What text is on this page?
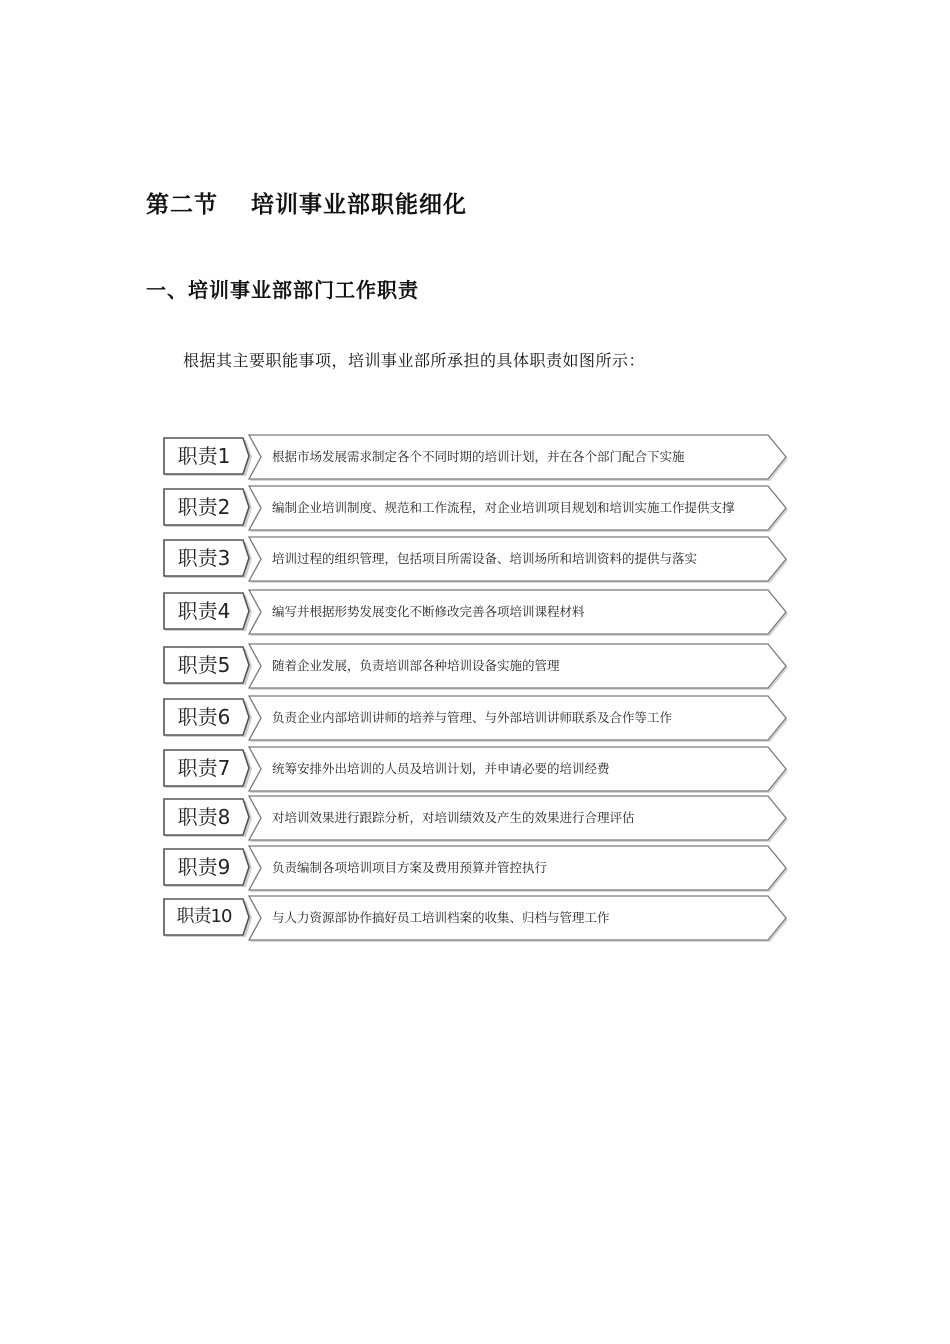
第二节　 培训事业部职能细化
一、培训事业部部门工作职责
根据其主要职能事项，培训事业部所承担的具体职责如图所示：
职责1	根据市场发展需求制定各个不同时期的培训计划，并在各个部门配合下实施
职责2	编制企业培训制度、规范和工作流程，对企业培训项目规划和培训实施工作提供支撑
职责3	培训过程的组织管理，包括项目所需设备、培训场所和培训资料的提供与落实
职责4	编写并根据形势发展变化不断修改完善各项培训课程材料
职责5	随着企业发展，负责培训部各种培训设备实施的管理
职责6	负责企业内部培训讲师的培养与管理、与外部培训讲师联系及合作等工作
职责7	统筹安排外出培训的人员及培训计划，并申请必要的培训经费
职责8	对培训效果进行跟踪分析，对培训绩效及产生的效果进行合理评估
职责9	负责编制各项培训项目方案及费用预算并管控执行
职责10	与人力资源部协作搞好员工培训档案的收集、归档与管理工作
